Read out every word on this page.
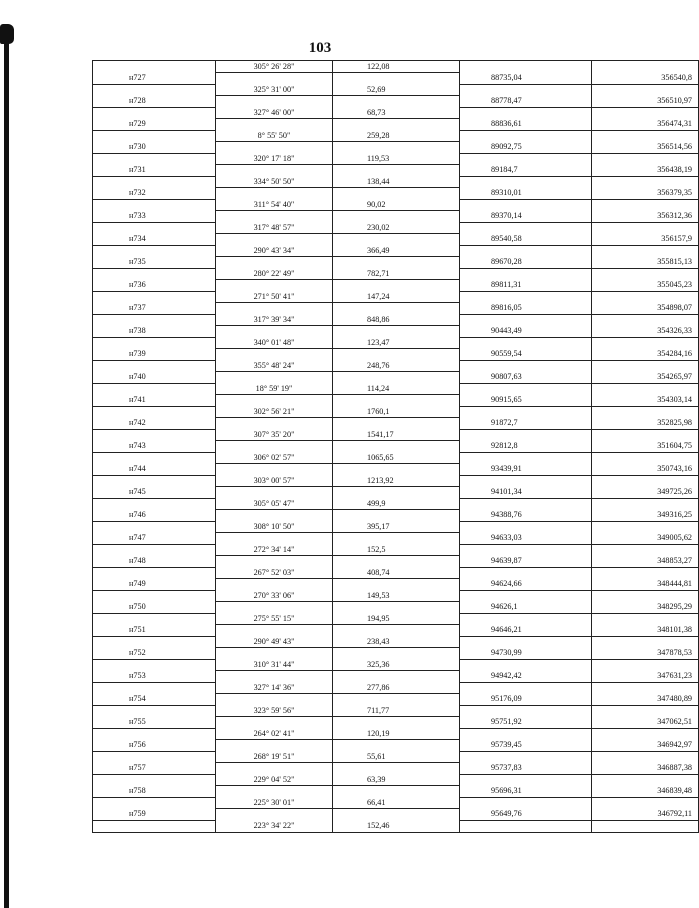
103
	305° 26' 28"	122,08		
н727			88735,04	356540,8
	325° 31' 00"	52,69		
н728			88778,47	356510,97
	327° 46' 00"	68,73		
н729			88836,61	356474,31
	8° 55' 50"	259,28		
н730			89092,75	356514,56
	320° 17' 18"	119,53		
н731			89184,7	356438,19
	334° 50' 50"	138,44		
н732			89310,01	356379,35
	311° 54' 40"	90,02		
н733			89370,14	356312,36
	317° 48' 57"	230,02		
н734			89540,58	356157,9
	290° 43' 34"	366,49		
н735			89670,28	355815,13
	280° 22' 49"	782,71		
н736			89811,31	355045,23
	271° 50' 41"	147,24		
н737			89816,05	354898,07
	317° 39' 34"	848,86		
н738			90443,49	354326,33
	340° 01' 48"	123,47		
н739			90559,54	354284,16
	355° 48' 24"	248,76		
н740			90807,63	354265,97
	18° 59' 19"	114,24		
н741			90915,65	354303,14
	302° 56' 21"	1760,1		
н742			91872,7	352825,98
	307° 35' 20"	1541,17		
н743			92812,8	351604,75
	306° 02' 57"	1065,65		
н744			93439,91	350743,16
	303° 00' 57"	1213,92		
н745			94101,34	349725,26
	305° 05' 47"	499,9		
н746			94388,76	349316,25
	308° 10' 50"	395,17		
н747			94633,03	349005,62
	272° 34' 14"	152,5		
н748			94639,87	348853,27
	267° 52' 03"	408,74		
н749			94624,66	348444,81
	270° 33' 06"	149,53		
н750			94626,1	348295,29
	275° 55' 15"	194,95		
н751			94646,21	348101,38
	290° 49' 43"	238,43		
н752			94730,99	347878,53
	310° 31' 44"	325,36		
н753			94942,42	347631,23
	327° 14' 36"	277,86		
н754			95176,09	347480,89
	323° 59' 56"	711,77		
н755			95751,92	347062,51
	264° 02' 41"	120,19		
н756			95739,45	346942,97
	268° 19' 51"	55,61		
н757			95737,83	346887,38
	229° 04' 52"	63,39		
н758			95696,31	346839,48
	225° 30' 01"	66,41		
н759			95649,76	346792,11
	223° 34' 22"	152,46		
